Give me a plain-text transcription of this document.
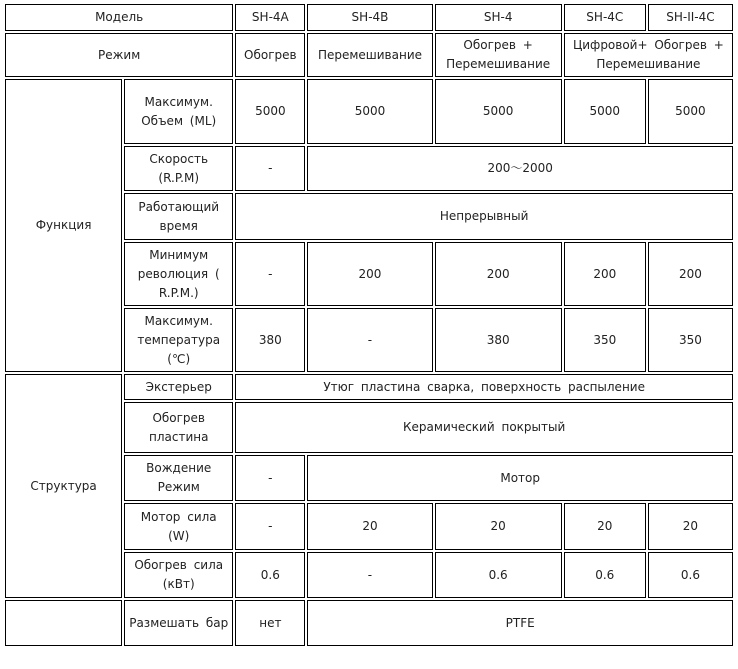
Модель		SH-4A	SH-4B	SH-4	SH-4C	SH-II-4C
Режим		Обогрев	Перемешивание	Обогрев + Перемешивание	Цифровой+ Обогрев + Перемешивание	
Функция	Максимум. Объем (ML)	5000	5000	5000	5000	5000
	Скорость (R.P.M)	-	200～2000			
	Работающий время	Непрерывный				
	Минимум революция ( R.P.M.)	-	200	200	200	200
	Максимум. температура (℃)	380	-	380	350	350
Структура	Экстерьер	Утюг пластина сварка, поверхность распыление				
	Обогрев пластина	Керамический покрытый				
	Вождение Режим	-	Мотор			
	Мотор сила (W)	-	20	20	20	20
	Обогрев сила (кВт)	0.6	-	0.6	0.6	0.6
	Размешать бар	нет	PTFE			
